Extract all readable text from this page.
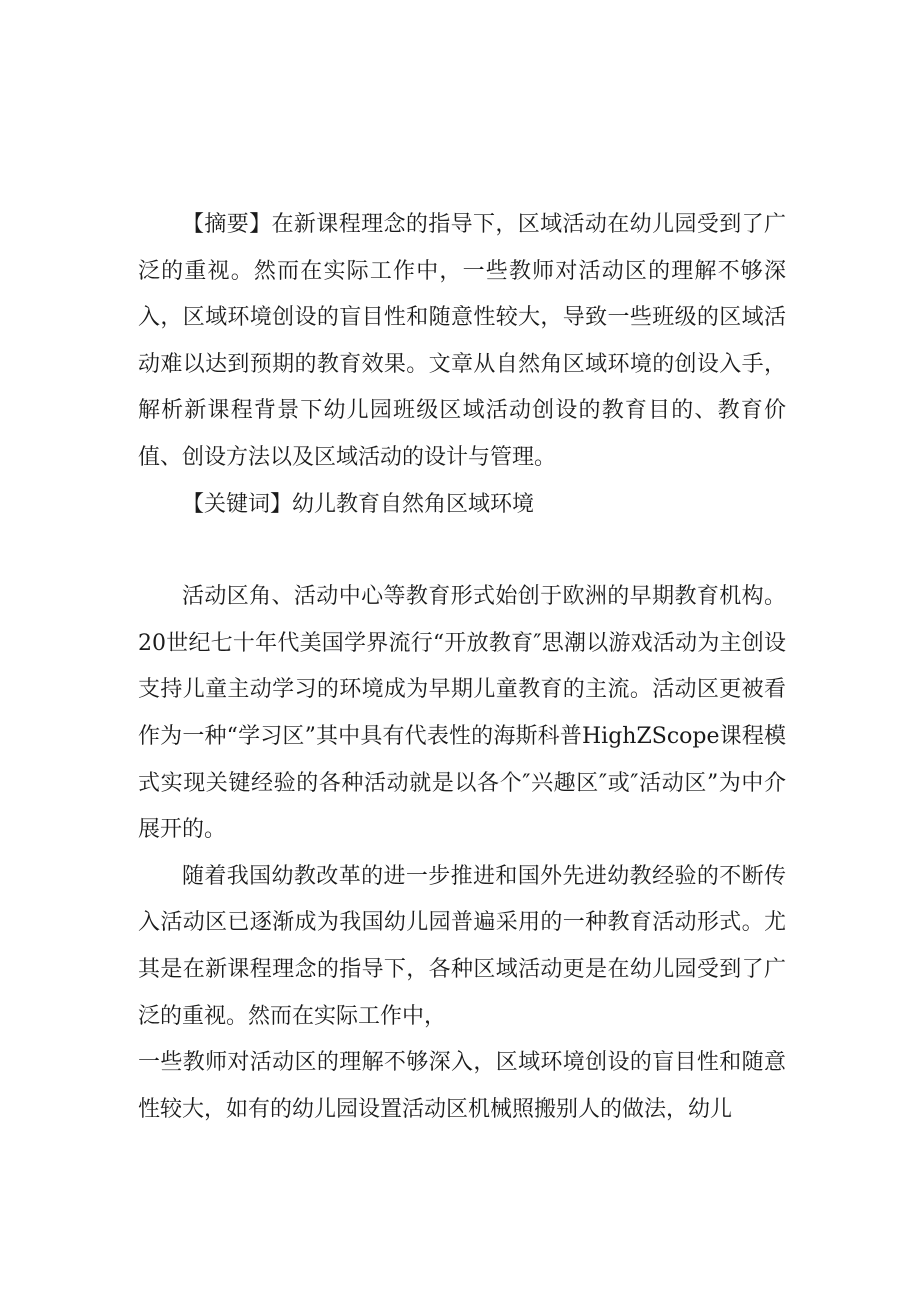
【摘要】在新课程理念的指导下，区域活动在幼儿园受到了广泛的重视。然而在实际工作中，一些教师对活动区的理解不够深入，区域环境创设的盲目性和随意性较大，导致一些班级的区域活动难以达到预期的教育效果。文章从自然角区域环境的创设入手，解析新课程背景下幼儿园班级区域活动创设的教育目的、教育价值、创设方法以及区域活动的设计与管理。

【关键词】幼儿教育自然角区域环境

活动区角、活动中心等教育形式始创于欧洲的早期教育机构。20世纪七十年代美国学界流行“开放教育″思潮以游戏活动为主创设支持儿童主动学习的环境成为早期儿童教育的主流。活动区更被看作为一种“学习区”其中具有代表性的海斯科普HighZScope课程模式实现关键经验的各种活动就是以各个″兴趣区″或″活动区”为中介展开的。

随着我国幼教改革的进一步推进和国外先进幼教经验的不断传入活动区已逐渐成为我国幼儿园普遍采用的一种教育活动形式。尤其是在新课程理念的指导下，各种区域活动更是在幼儿园受到了广泛的重视。然而在实际工作中，

一些教师对活动区的理解不够深入，区域环境创设的盲目性和随意性较大，如有的幼儿园设置活动区机械照搬别人的做法，幼儿
